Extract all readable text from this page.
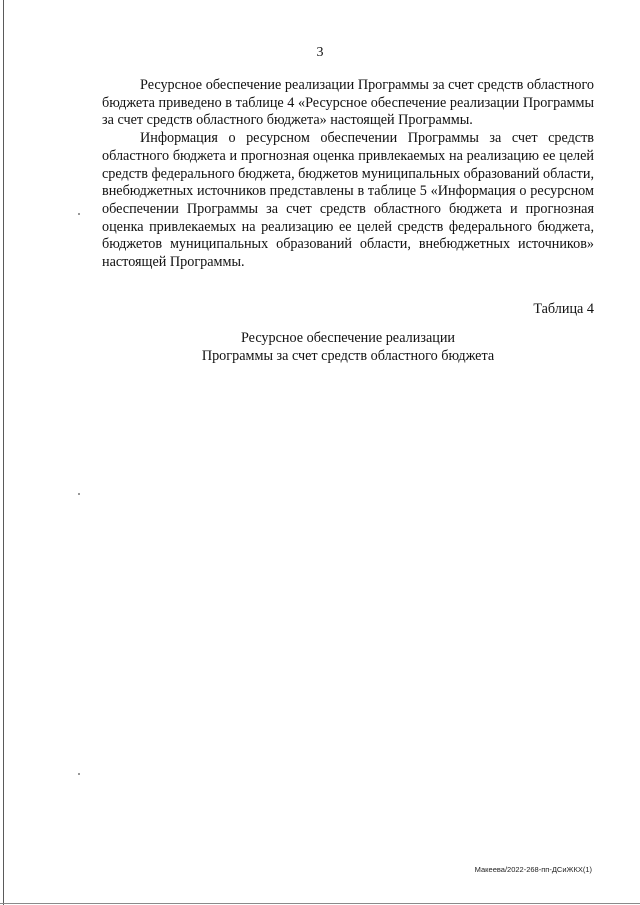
3

Ресурсное обеспечение реализации Программы за счет средств областного бюджета приведено в таблице 4 «Ресурсное обеспечение реализации Программы за счет средств областного бюджета» настоящей Программы.

Информация о ресурсном обеспечении Программы за счет средств областного бюджета и прогнозная оценка привлекаемых на реализацию ее целей средств федерального бюджета, бюджетов муниципальных образований области, внебюджетных источников представлены в таблице 5 «Информация о ресурсном обеспечении Программы за счет средств областного бюджета и прогнозная оценка привлекаемых на реализацию ее целей средств федерального бюджета, бюджетов муниципальных образований области, внебюджетных источников» настоящей Программы.

Таблица 4
Ресурсное обеспечение реализации
Программы за счет средств областного бюджета
Макеева/2022-268-пп-ДСиЖКХ(1)
